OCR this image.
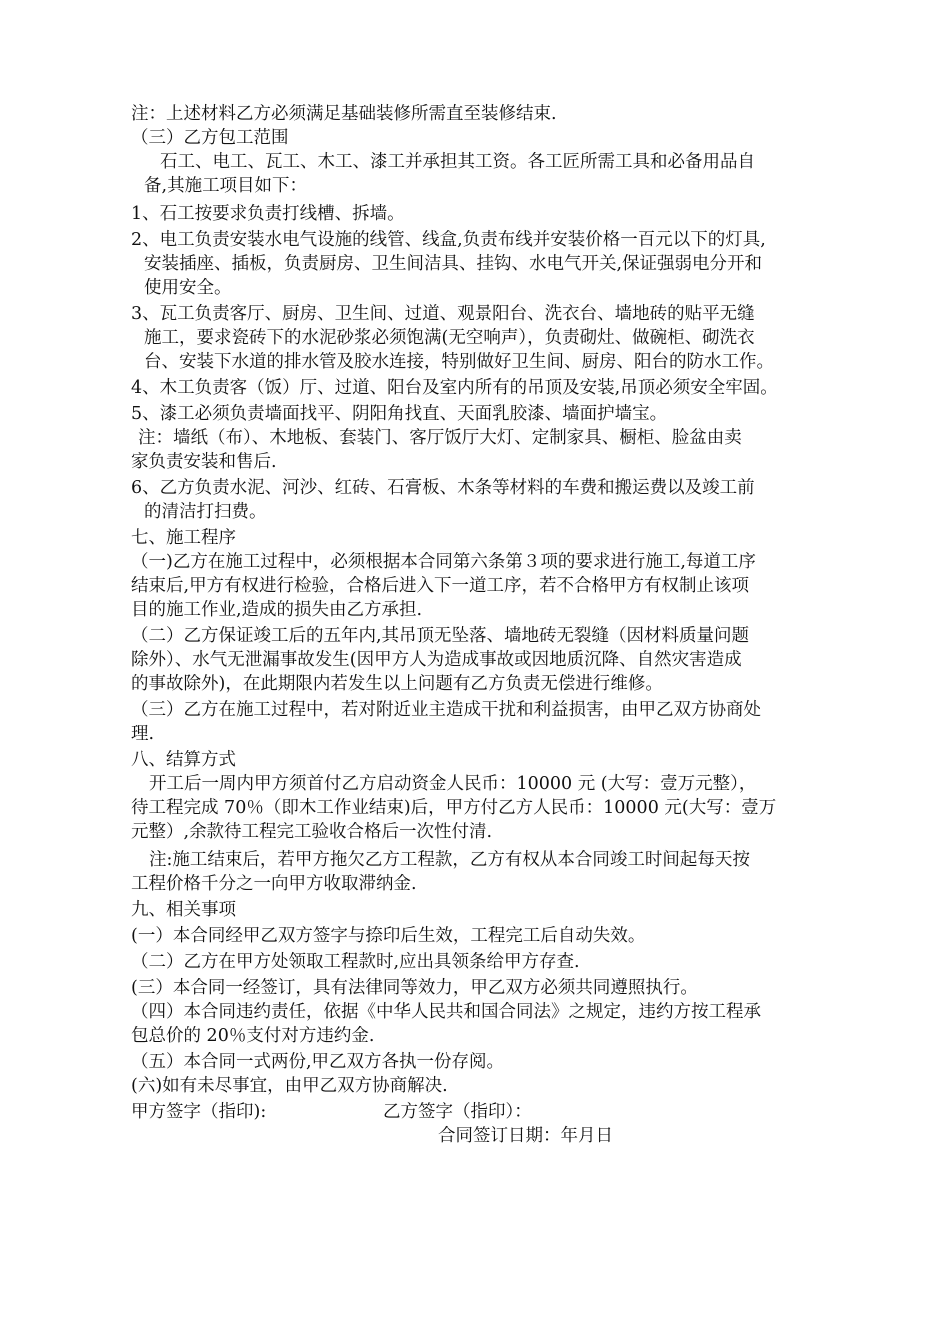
注：上述材料乙方必须满足基础装修所需直至装修结束.
（三）乙方包工范围
石工、电工、瓦工、木工、漆工并承担其工资。各工匠所需工具和必备用品自
备,其施工项目如下：
1、石工按要求负责打线槽、拆墙。
2、电工负责安装水电气设施的线管、线盒,负责布线并安装价格一百元以下的灯具,
安装插座、插板，负责厨房、卫生间洁具、挂钩、水电气开关,保证强弱电分开和
使用安全。
3、瓦工负责客厅、厨房、卫生间、过道、观景阳台、洗衣台、墙地砖的贴平无缝
施工，要求瓷砖下的水泥砂浆必须饱满(无空响声），负责砌灶、做碗柜、砌洗衣
台、安装下水道的排水管及胶水连接，特别做好卫生间、厨房、阳台的防水工作。
4、木工负责客（饭）厅、过道、阳台及室内所有的吊顶及安装,吊顶必须安全牢固。
5、漆工必须负责墙面找平、阴阳角找直、天面乳胶漆、墙面护墙宝。
注：墙纸（布）、木地板、套装门、客厅饭厅大灯、定制家具、橱柜、脸盆由卖
家负责安装和售后.
6、乙方负责水泥、河沙、红砖、石膏板、木条等材料的车费和搬运费以及竣工前
的清洁打扫费。
七、施工程序
（一)乙方在施工过程中，必须根据本合同第六条第３项的要求进行施工,每道工序
结束后,甲方有权进行检验，合格后进入下一道工序，若不合格甲方有权制止该项
目的施工作业,造成的损失由乙方承担.
（二）乙方保证竣工后的五年内,其吊顶无坠落、墙地砖无裂缝（因材料质量问题
除外）、水气无泄漏事故发生(因甲方人为造成事故或因地质沉降、自然灾害造成
的事故除外)，在此期限内若发生以上问题有乙方负责无偿进行维修。
（三）乙方在施工过程中，若对附近业主造成干扰和利益损害，由甲乙双方协商处
理.
八、结算方式
开工后一周内甲方须首付乙方启动资金人民币：10000 元 (大写：壹万元整），
待工程完成 70％（即木工作业结束)后，甲方付乙方人民币：10000 元(大写：壹万
元整）,余款待工程完工验收合格后一次性付清.
注:施工结束后，若甲方拖欠乙方工程款，乙方有权从本合同竣工时间起每天按
工程价格千分之一向甲方收取滞纳金.
九、相关事项
(一）本合同经甲乙双方签字与捺印后生效，工程完工后自动失效。
（二）乙方在甲方处领取工程款时,应出具领条给甲方存查.
(三）本合同一经签订，具有法律同等效力，甲乙双方必须共同遵照执行。
（四）本合同违约责任，依据《中华人民共和国合同法》之规定，违约方按工程承
包总价的 20％支付对方违约金.
（五）本合同一式两份,甲乙双方各执一份存阅。
(六)如有未尽事宜，由甲乙双方协商解决.
甲方签字（指印):	乙方签字（指印）：
合同签订日期：年月日
